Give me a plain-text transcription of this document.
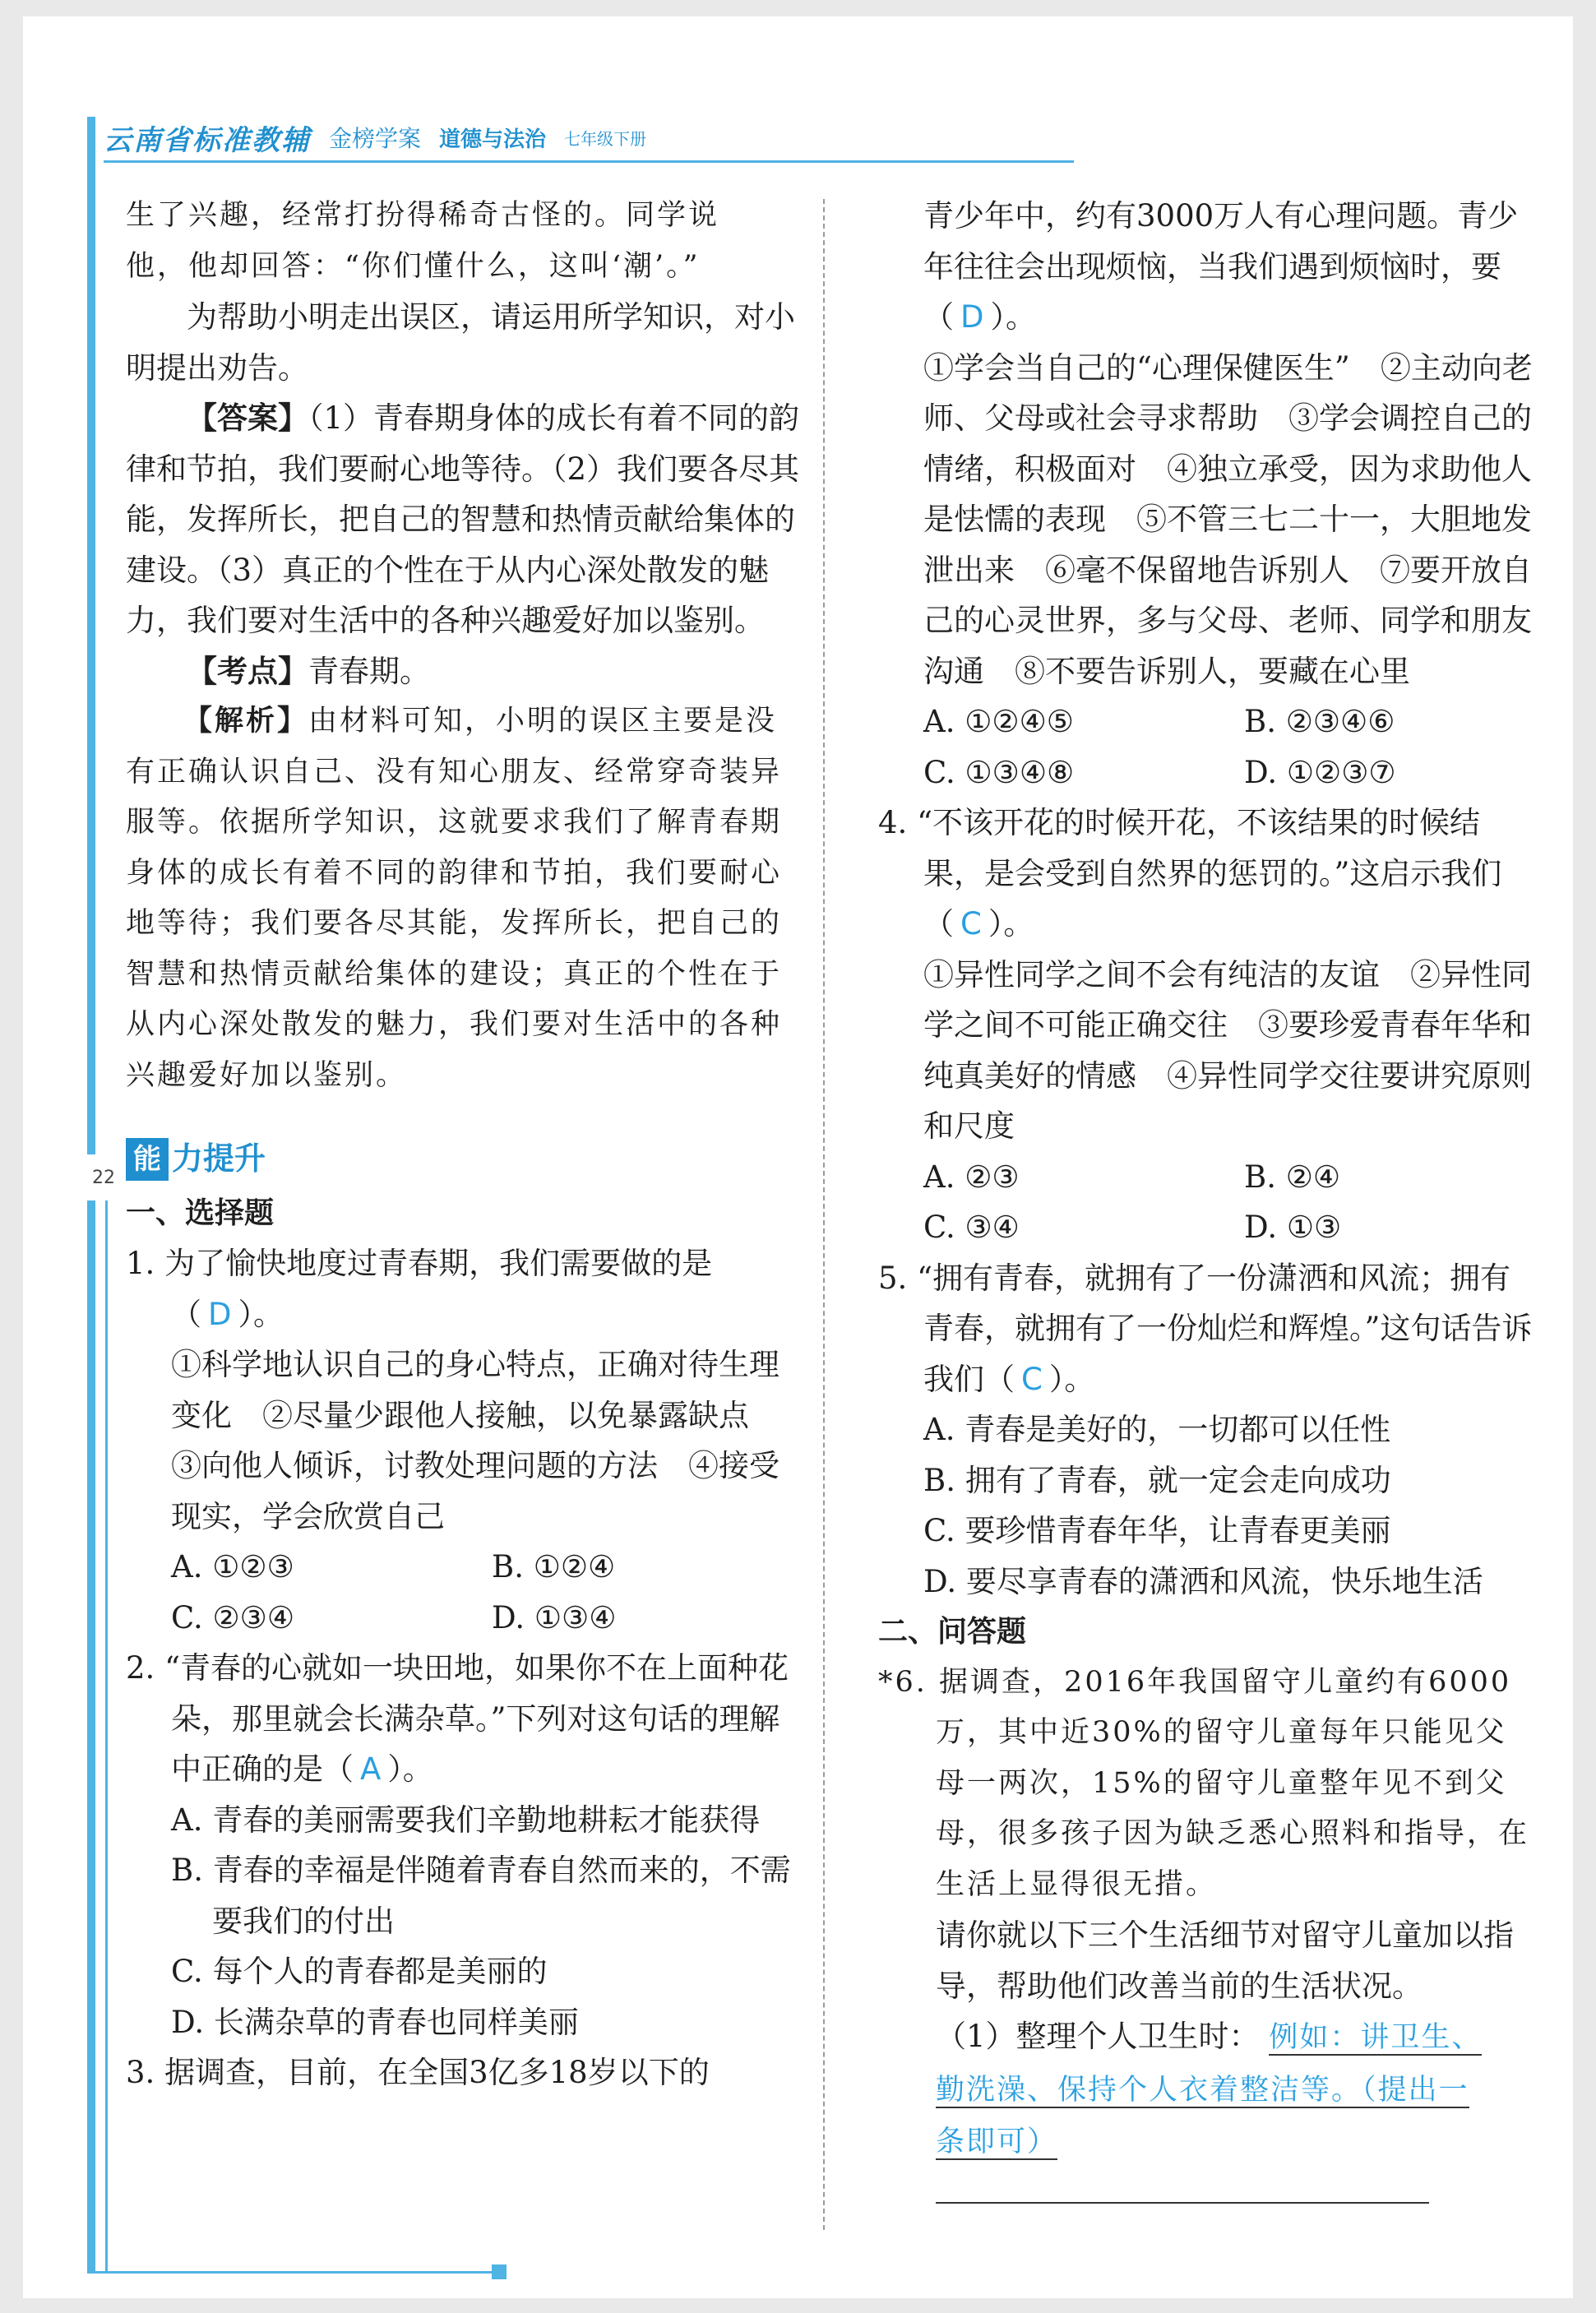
22
云南省标准教辅 金榜学案 道德与法治 七年级下册

生了兴趣，经常打扮得稀奇古怪的。同学说

他，他却回答：“你们懂什么，这叫‘潮’。”

为帮助小明走出误区，请运用所学知识，对小明提出劝告。

【答案】（1）青春期身体的成长有着不同的韵律和节拍，我们要耐心地等待。（2）我们要各尽其能，发挥所长，把自己的智慧和热情贡献给集体的建设。（3）真正的个性在于从内心深处散发的魅力，我们要对生活中的各种兴趣爱好加以鉴别。

【考点】青春期。

【解析】由材料可知，小明的误区主要是没有正确认识自己、没有知心朋友、经常穿奇装异服等。依据所学知识，这就要求我们了解青春期身体的成长有着不同的韵律和节拍，我们要耐心地等待；我们要各尽其能，发挥所长，把自己的智慧和热情贡献给集体的建设；真正的个性在于从内心深处散发的魅力，我们要对生活中的各种兴趣爱好加以鉴别。

能 力提升

一、选择题

1. 为了愉快地度过青春期，我们需要做的是（ D ）。

①科学地认识自己的身心特点，正确对待生理变化　②尽量少跟他人接触，以免暴露缺点　③向他人倾诉，讨教处理问题的方法　④接受现实，学会欣赏自己

A. ①②③	B. ①②④
C. ②③④	D. ①③④

2. “青春的心就如一块田地，如果你不在上面种花朵，那里就会长满杂草。”下列对这句话的理解中正确的是（ A ）。

A. 青春的美丽需要我们辛勤地耕耘才能获得

B. 青春的幸福是伴随着青春自然而来的，不需要我们的付出

C. 每个人的青春都是美丽的

D. 长满杂草的青春也同样美丽

3. 据调查，目前，在全国3亿多18岁以下的

青少年中，约有3000万人有心理问题。青少年往往会出现烦恼，当我们遇到烦恼时，要（ D ）。

①学会当自己的“心理保健医生”　②主动向老师、父母或社会寻求帮助　③学会调控自己的情绪，积极面对　④独立承受，因为求助他人是怯懦的表现　⑤不管三七二十一，大胆地发泄出来　⑥毫不保留地告诉别人　⑦要开放自己的心灵世界，多与父母、老师、同学和朋友沟通　⑧不要告诉别人，要藏在心里

A. ①②④⑤	B. ②③④⑥
C. ①③④⑧	D. ①②③⑦

4. “不该开花的时候开花，不该结果的时候结果，是会受到自然界的惩罚的。”这启示我们（ C ）。

①异性同学之间不会有纯洁的友谊　②异性同学之间不可能正确交往　③要珍爱青春年华和纯真美好的情感　④异性同学交往要讲究原则和尺度

A. ②③	B. ②④
C. ③④	D. ①③

5. “拥有青春，就拥有了一份潇洒和风流；拥有青春，就拥有了一份灿烂和辉煌。”这句话告诉我们（ C ）。

A. 青春是美好的，一切都可以任性

B. 拥有了青春，就一定会走向成功

C. 要珍惜青春年华，让青春更美丽

D. 要尽享青春的潇洒和风流，快乐地生活

二、问答题

*6. 据调查，2016年我国留守儿童约有6000万，其中近30%的留守儿童每年只能见父母一两次，15%的留守儿童整年见不到父母，很多孩子因为缺乏悉心照料和指导，在生活上显得很无措。

请你就以下三个生活细节对留守儿童加以指导，帮助他们改善当前的生活状况。

（1）整理个人卫生时： 例如：讲卫生、

勤洗澡、保持个人衣着整洁等。（提出一

条即可）
